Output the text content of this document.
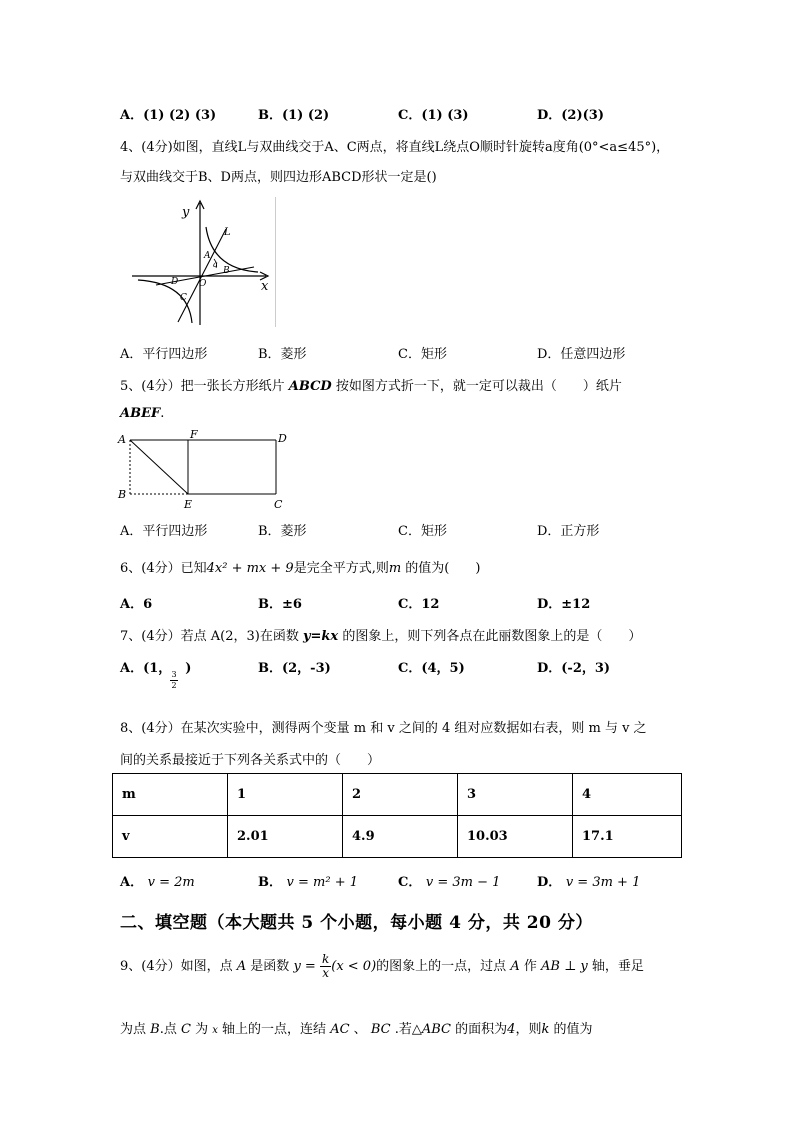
A．(1) (2) (3)	B．(1) (2)	C．(1) (3)	D．(2)(3)
4、(4分)如图，直线L与双曲线交于A、C两点，将直线L绕点O顺时针旋转a度角(0°<a≤45°)，
与双曲线交于B、D两点，则四边形ABCD形状一定是()
y
x
L
A
a
B
O
D
C
A．平行四边形	B．菱形	C．矩形	D．任意四边形
5、(4分）把一张长方形纸片 ABCD 按如图方式折一下，就一定可以裁出（　　）纸片
ABEF.
A	F	D
B
E	C
A．平行四边形	B．菱形	C．矩形	D．正方形
6、(4分）已知4x² + mx + 9是完全平方式,则m 的值为(　　)
A．6	B．±6	C．12	D．±12
7、(4分）若点 A(2，3)在函数 y=kx 的图象上，则下列各点在此丽数图象上的是（　　）
A．(1， )
3
2
B．(2，-3)	C．(4，5)	D．(-2，3)
8、(4分）在某次实验中，测得两个变量 m 和 v 之间的 4 组对应数据如右表，则 m 与 v 之
间的关系最接近于下列各关系式中的（　　）
m	1	2	3	4
v	2.01	4.9	10.03	17.1
A． v = 2m	B． v = m² + 1	C． v = 3m − 1	D． v = 3m + 1
二、填空题（本大题共 5 个小题，每小题 4 分，共 20 分）
9、(4分）如图，点 A 是函数 $y = \frac{k}{x} (x < 0)$的图象上的一点，过点 A 作 AB ⊥ y 轴，垂足
为点 B.点 C 为 x 轴上的一点，连结 AC 、 BC .若△ABC 的面积为4，则k 的值为
